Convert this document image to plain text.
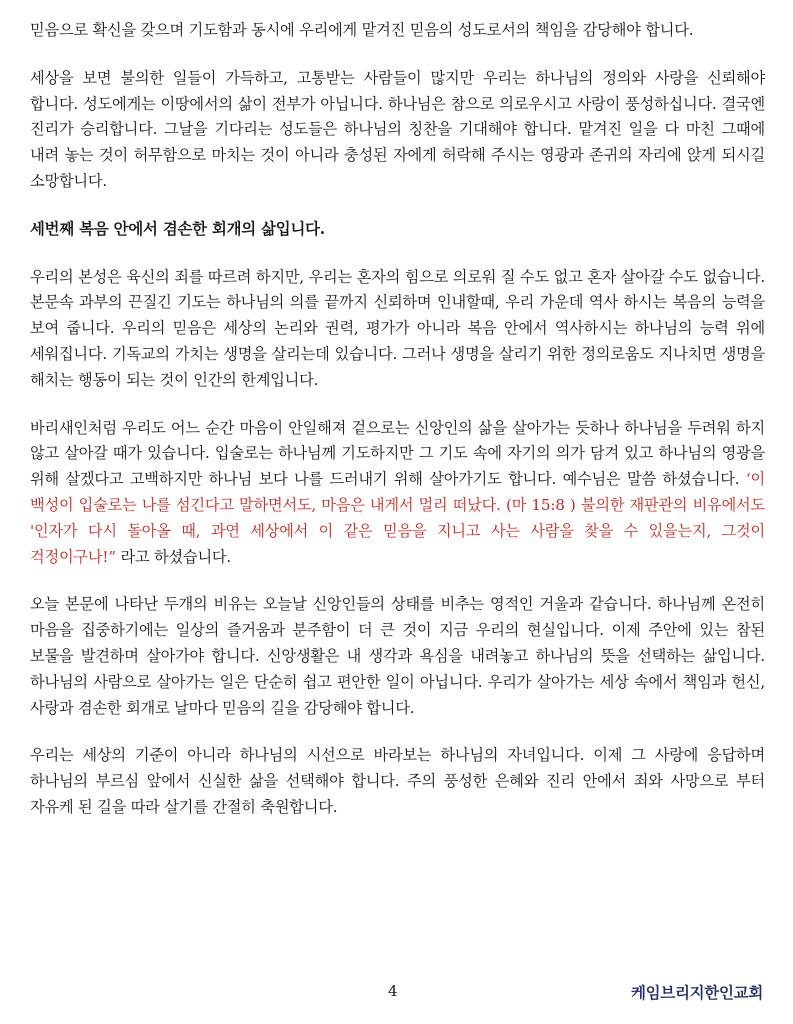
믿음으로 확신을 갖으며 기도함과 동시에 우리에게 맡겨진 믿음의 성도로서의 책임을 감당해야 합니다.

세상을 보면 불의한 일들이 가득하고, 고통받는 사람들이 많지만 우리는 하나님의 정의와 사랑을 신뢰해야 합니다. 성도에게는 이땅에서의 삶이 전부가 아닙니다. 하나님은 참으로 의로우시고 사랑이 풍성하십니다. 결국엔 진리가 승리합니다. 그날을 기다리는 성도들은 하나님의 칭찬을 기대해야 합니다. 맡겨진 일을 다 마친 그때에 내려 놓는 것이 허무함으로 마치는 것이 아니라 충성된 자에게 허락해 주시는 영광과 존귀의 자리에 앉게 되시길 소망합니다.

세번째 복음 안에서 겸손한 회개의 삶입니다.

우리의 본성은 육신의 죄를 따르려 하지만, 우리는 혼자의 힘으로 의로워 질 수도 없고 혼자 살아갈 수도 없습니다. 본문속 과부의 끈질긴 기도는 하나님의 의를 끝까지 신뢰하며 인내할때, 우리 가운데 역사 하시는 복음의 능력을 보여 줍니다. 우리의 믿음은 세상의 논리와 권력, 평가가 아니라 복음 안에서 역사하시는 하나님의 능력 위에 세워집니다. 기독교의 가치는 생명을 살리는데 있습니다. 그러나 생명을 살리기 위한 정의로움도 지나치면 생명을 해치는 행동이 되는 것이 인간의 한계입니다.

바리새인처럼 우리도 어느 순간 마음이 안일해져 겉으로는 신앙인의 삶을 살아가는 듯하나 하나님을 두려워 하지 않고 살아갈 때가 있습니다. 입술로는 하나님께 기도하지만 그 기도 속에 자기의 의가 담겨 있고 하나님의 영광을 위해 살겠다고 고백하지만 하나님 보다 나를 드러내기 위해 살아가기도 합니다. 예수님은 말씀 하셨습니다. ‘이 백성이 입술로는 나를 섬긴다고 말하면서도, 마음은 내게서 멀리 떠났다. (마 15:8 ) 불의한 재판관의 비유에서도 '인자가 다시 돌아올 때, 과연 세상에서 이 같은 믿음을 지니고 사는 사람을 찾을 수 있을는지, 그것이 걱정이구나!” 라고 하셨습니다.

오늘 본문에 나타난 두개의 비유는 오늘날 신앙인들의 상태를 비추는 영적인 거울과 같습니다. 하나님께 온전히 마음을 집중하기에는 일상의 즐거움과 분주함이 더 큰 것이 지금 우리의 현실입니다. 이제 주안에 있는 참된 보물을 발견하며 살아가야 합니다. 신앙생활은 내 생각과 욕심을 내려놓고 하나님의 뜻을 선택하는 삶입니다. 하나님의 사람으로 살아가는 일은 단순히 쉽고 편안한 일이 아닙니다. 우리가 살아가는 세상 속에서 책임과 헌신, 사랑과 겸손한 회개로 날마다 믿음의 길을 감당해야 합니다.

우리는 세상의 기준이 아니라 하나님의 시선으로 바라보는 하나님의 자녀입니다. 이제 그 사랑에 응답하며 하나님의 부르심 앞에서 신실한 삶을 선택해야 합니다. 주의 풍성한 은혜와 진리 안에서 죄와 사망으로 부터 자유케 된 길을 따라 살기를 간절히 축원합니다.

4	케임브리지한인교회
